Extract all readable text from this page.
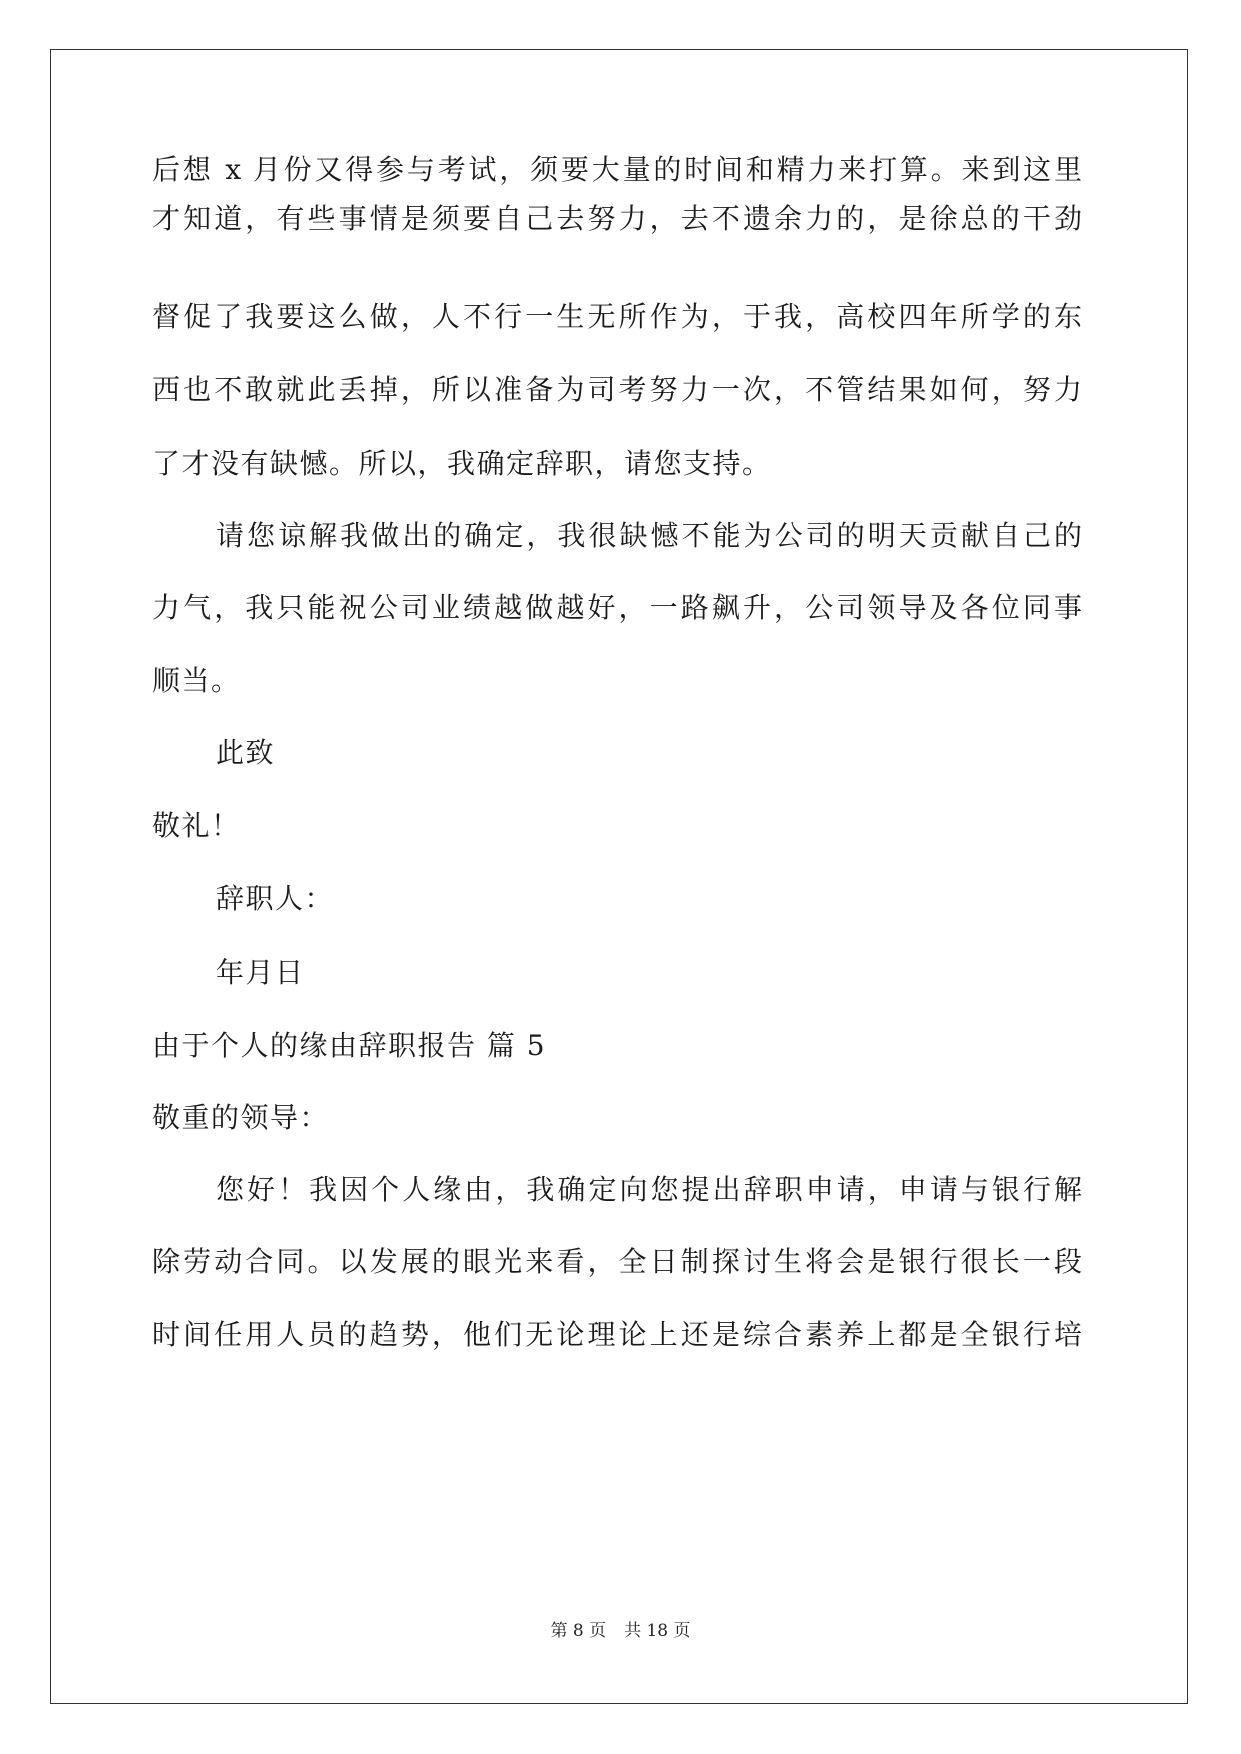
后想 x 月份又得参与考试，须要大量的时间和精力来打算。来到这里
才知道，有些事情是须要自己去努力，去不遗余力的，是徐总的干劲
督促了我要这么做，人不行一生无所作为，于我，高校四年所学的东
西也不敢就此丢掉，所以准备为司考努力一次，不管结果如何，努力
了才没有缺憾。所以，我确定辞职，请您支持。
请您谅解我做出的确定，我很缺憾不能为公司的明天贡献自己的
力气，我只能祝公司业绩越做越好，一路飙升，公司领导及各位同事
顺当。
此致
敬礼！
辞职人：
年月日
由于个人的缘由辞职报告 篇 5
敬重的领导：
您好！我因个人缘由，我确定向您提出辞职申请，申请与银行解
除劳动合同。以发展的眼光来看，全日制探讨生将会是银行很长一段
时间任用人员的趋势，他们无论理论上还是综合素养上都是全银行培
第 8 页 共 18 页
